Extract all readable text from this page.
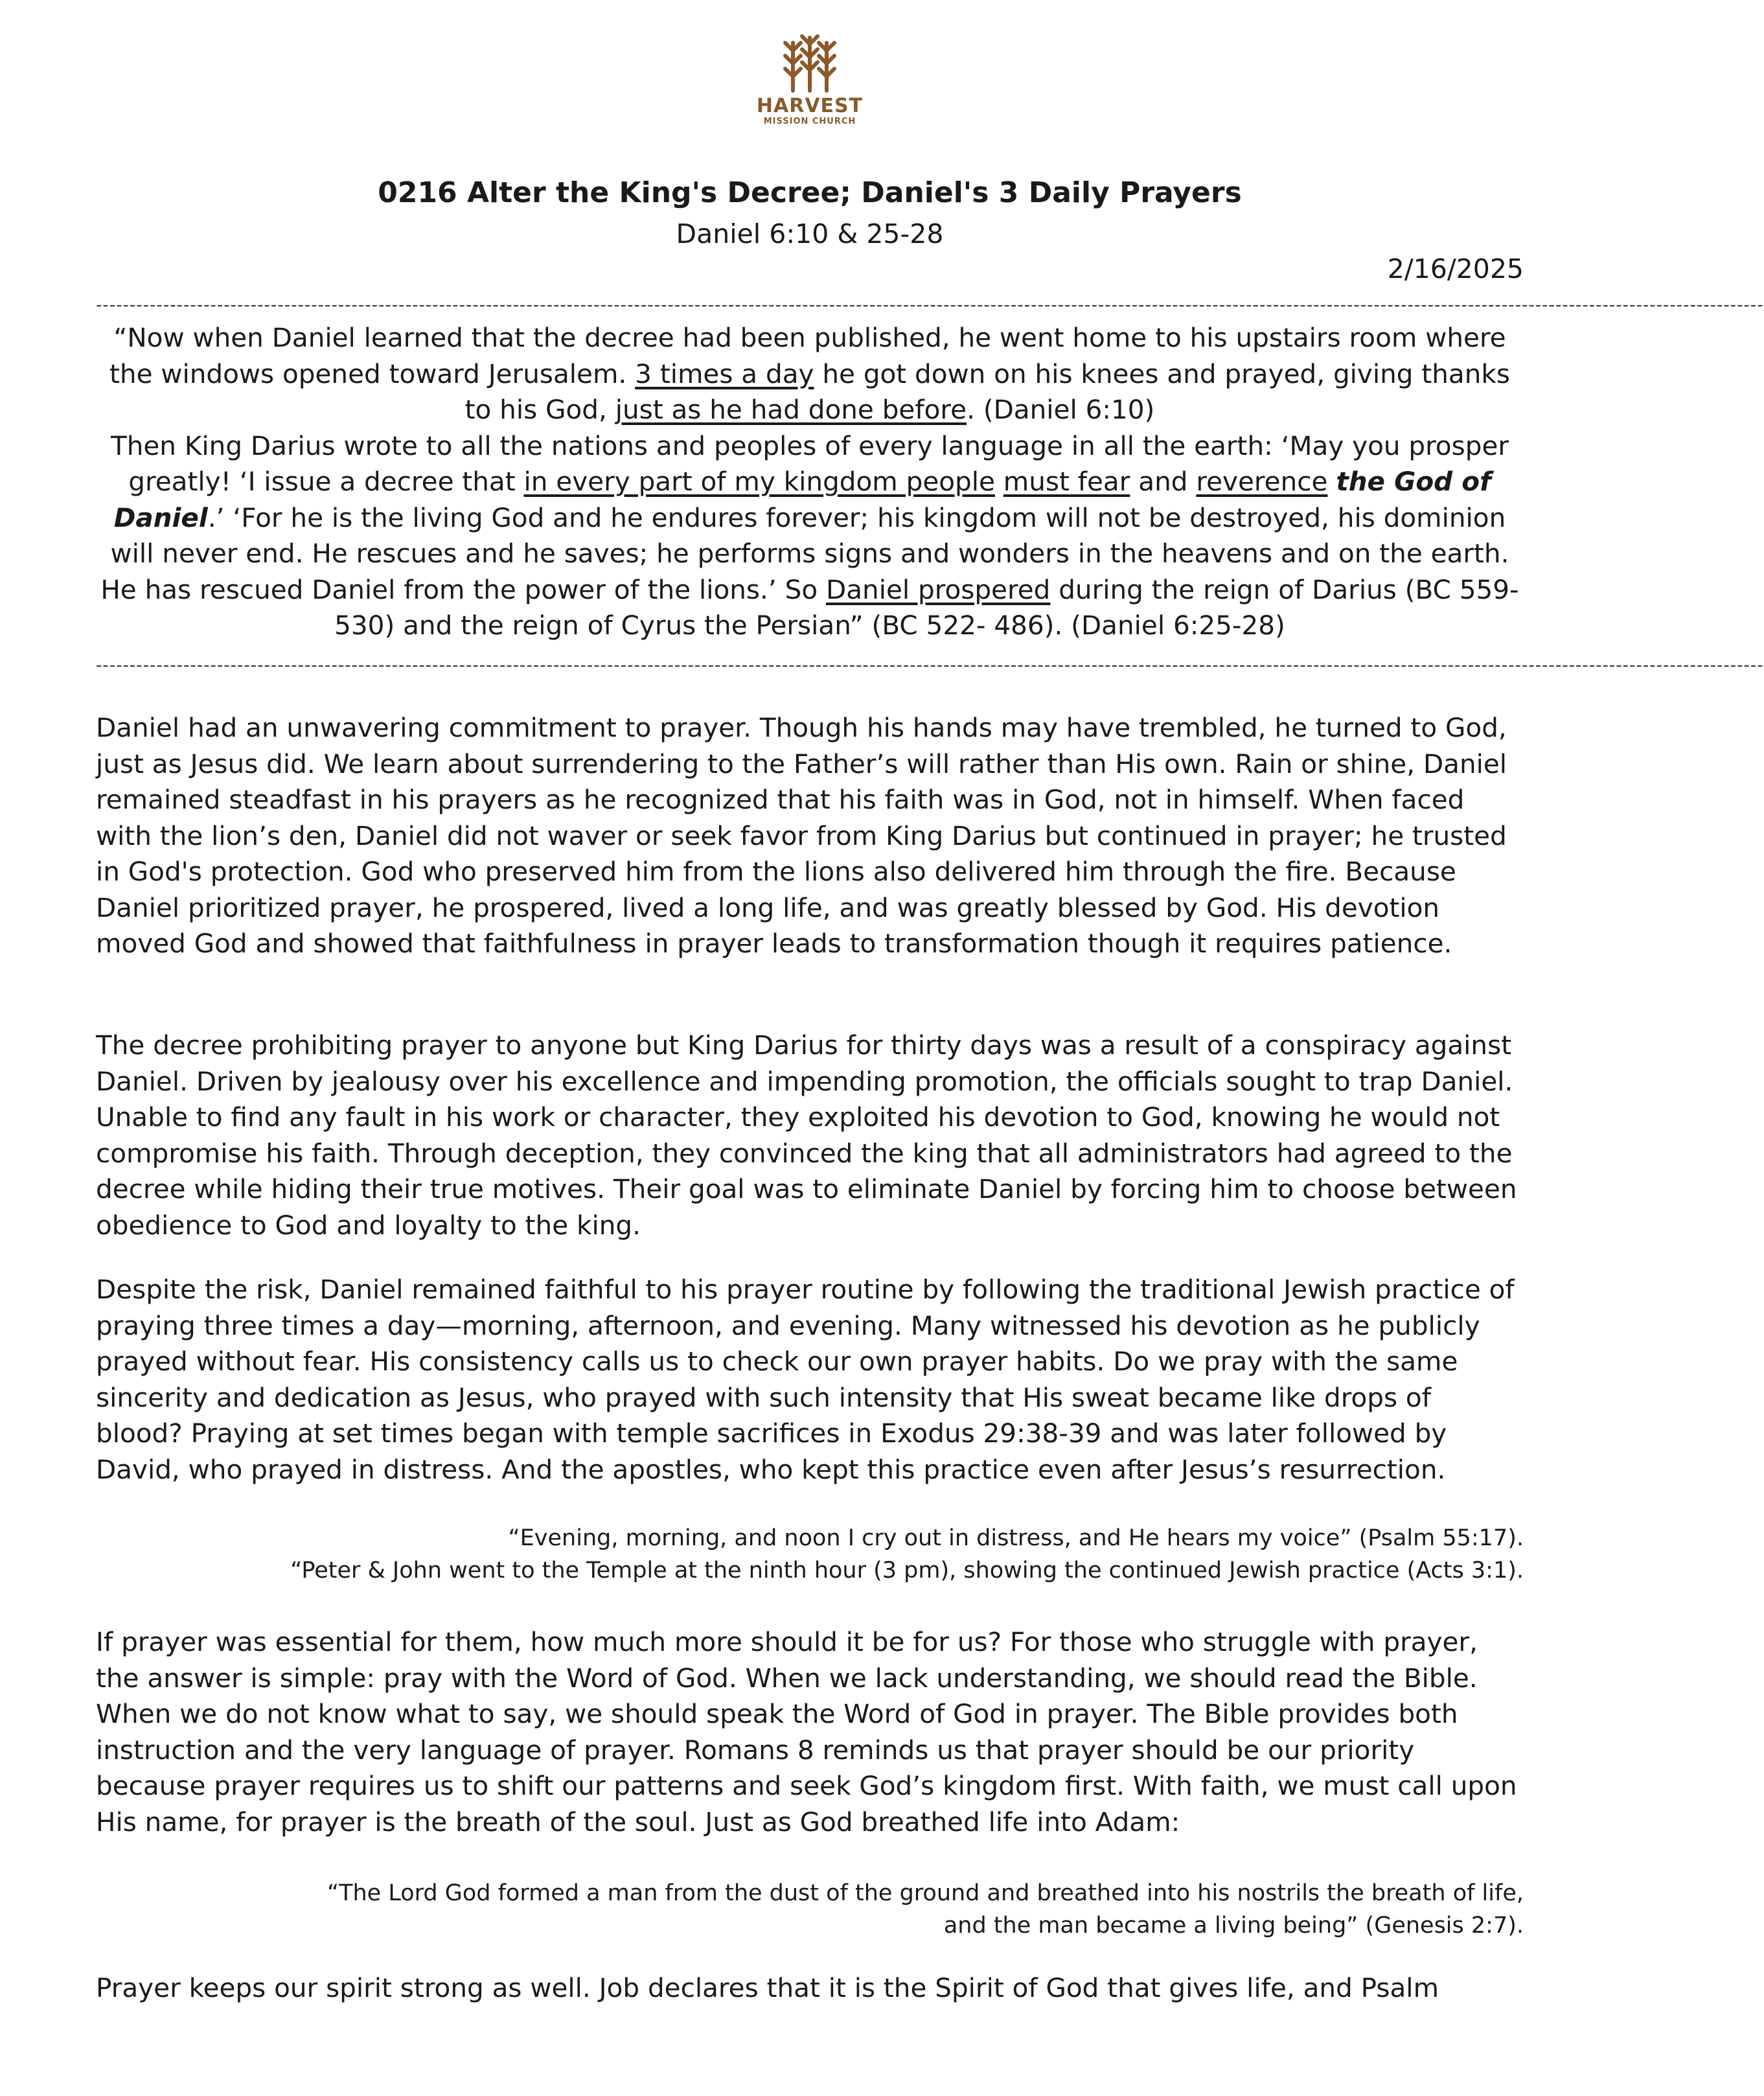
HARVEST
MISSION CHURCH
0216 Alter the King's Decree; Daniel's 3 Daily Prayers
Daniel 6:10 & 25-28
2/16/2025
--------------------------------------------------------------------------------------------------------------------------------------------------------------------------------------------------------------------------------------------------------

“Now when Daniel learned that the decree had been published, he went home to his upstairs room where the windows opened toward Jerusalem. 3 times a day he got down on his knees and prayed, giving thanks to his God, just as he had done before. (Daniel 6:10)
Then King Darius wrote to all the nations and peoples of every language in all the earth: ‘May you prosper greatly! ‘I issue a decree that in every part of my kingdom people must fear and reverence the God of Daniel.’ ‘For he is the living God and he endures forever; his kingdom will not be destroyed, his dominion will never end. He rescues and he saves; he performs signs and wonders in the heavens and on the earth. He has rescued Daniel from the power of the lions.’ So Daniel prospered during the reign of Darius (BC 559-530) and the reign of Cyrus the Persian” (BC 522- 486). (Daniel 6:25-28)

--------------------------------------------------------------------------------------------------------------------------------------------------------------------------------------------------------------------------------------------------------

Daniel had an unwavering commitment to prayer. Though his hands may have trembled, he turned to God, just as Jesus did. We learn about surrendering to the Father’s will rather than His own. Rain or shine, Daniel remained steadfast in his prayers as he recognized that his faith was in God, not in himself. When faced with the lion’s den, Daniel did not waver or seek favor from King Darius but continued in prayer; he trusted in God's protection. God who preserved him from the lions also delivered him through the fire. Because Daniel prioritized prayer, he prospered, lived a long life, and was greatly blessed by God. His devotion moved God and showed that faithfulness in prayer leads to transformation though it requires patience.

The decree prohibiting prayer to anyone but King Darius for thirty days was a result of a conspiracy against Daniel. Driven by jealousy over his excellence and impending promotion, the officials sought to trap Daniel. Unable to find any fault in his work or character, they exploited his devotion to God, knowing he would not compromise his faith. Through deception, they convinced the king that all administrators had agreed to the decree while hiding their true motives. Their goal was to eliminate Daniel by forcing him to choose between obedience to God and loyalty to the king.

Despite the risk, Daniel remained faithful to his prayer routine by following the traditional Jewish practice of praying three times a day—morning, afternoon, and evening. Many witnessed his devotion as he publicly prayed without fear. His consistency calls us to check our own prayer habits. Do we pray with the same sincerity and dedication as Jesus, who prayed with such intensity that His sweat became like drops of blood? Praying at set times began with temple sacrifices in Exodus 29:38-39 and was later followed by David, who prayed in distress. And the apostles, who kept this practice even after Jesus’s resurrection.

“Evening, morning, and noon I cry out in distress, and He hears my voice” (Psalm 55:17).
“Peter & John went to the Temple at the ninth hour (3 pm), showing the continued Jewish practice (Acts 3:1).

If prayer was essential for them, how much more should it be for us? For those who struggle with prayer, the answer is simple: pray with the Word of God. When we lack understanding, we should read the Bible. When we do not know what to say, we should speak the Word of God in prayer. The Bible provides both instruction and the very language of prayer. Romans 8 reminds us that prayer should be our priority because prayer requires us to shift our patterns and seek God’s kingdom first. With faith, we must call upon His name, for prayer is the breath of the soul. Just as God breathed life into Adam:

“The Lord God formed a man from the dust of the ground and breathed into his nostrils the breath of life,
and the man became a living being” (Genesis 2:7).

Prayer keeps our spirit strong as well. Job declares that it is the Spirit of God that gives life, and Psalm
